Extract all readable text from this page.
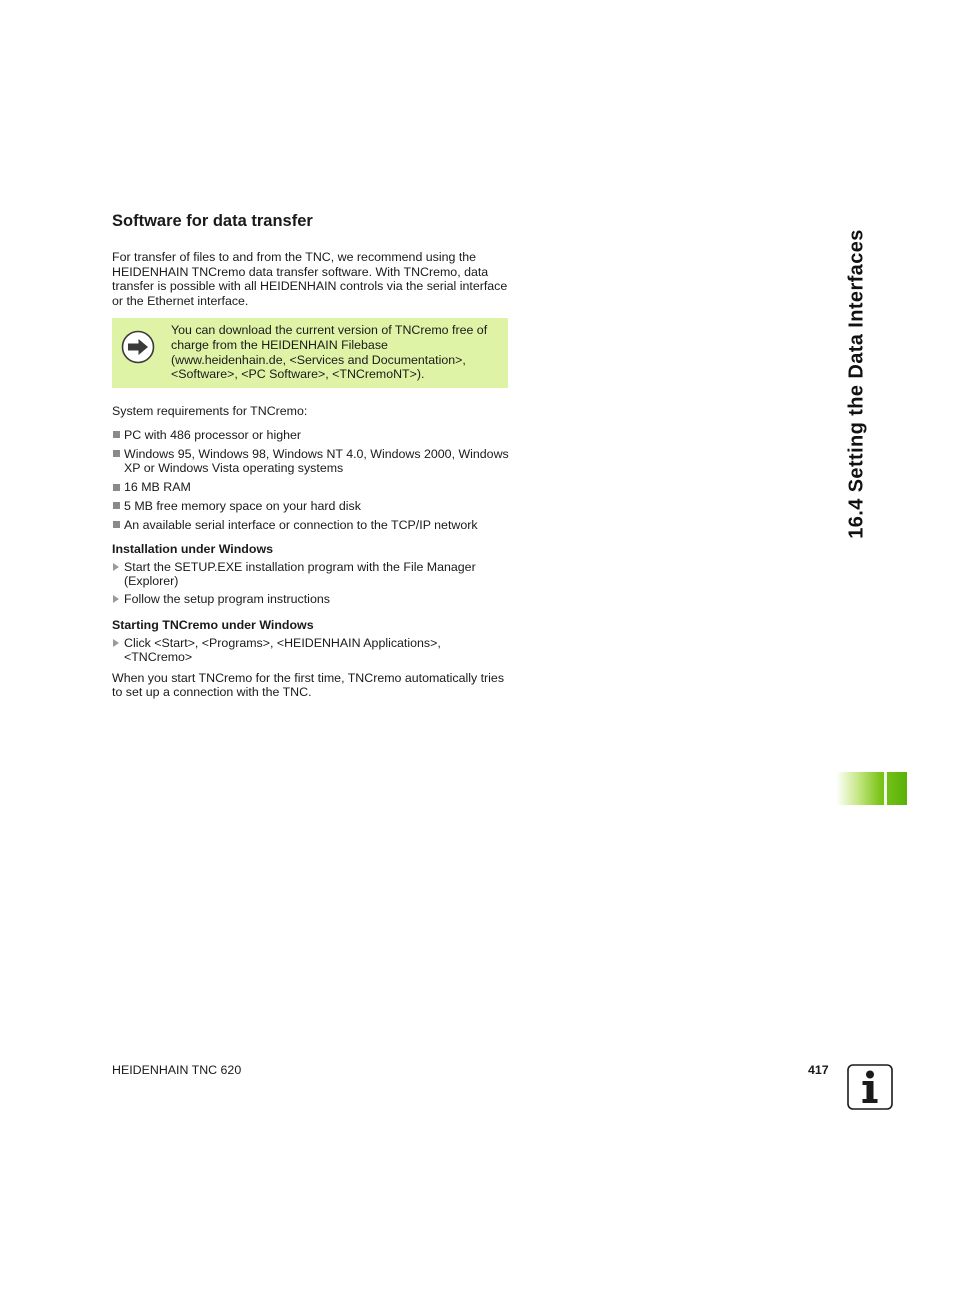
Software for data transfer

For transfer of files to and from the TNC, we recommend using the HEIDENHAIN TNCremo data transfer software. With TNCremo, data transfer is possible with all HEIDENHAIN controls via the serial interface or the Ethernet interface.

You can download the current version of TNCremo free of charge from the HEIDENHAIN Filebase (www.heidenhain.de, <Services and Documentation>, <Software>, <PC Software>, <TNCremoNT>).

System requirements for TNCremo:

PC with 486 processor or higher
Windows 95, Windows 98, Windows NT 4.0, Windows 2000, Windows XP or Windows Vista operating systems
16 MB RAM
5 MB free memory space on your hard disk
An available serial interface or connection to the TCP/IP network
Installation under Windows
Start the SETUP.EXE installation program with the File Manager (Explorer)
Follow the setup program instructions
Starting TNCremo under Windows
Click <Start>, <Programs>, <HEIDENHAIN Applications>, <TNCremo>

When you start TNCremo for the first time, TNCremo automatically tries to set up a connection with the TNC.

16.4 Setting the Data Interfaces
HEIDENHAIN TNC 620	417
